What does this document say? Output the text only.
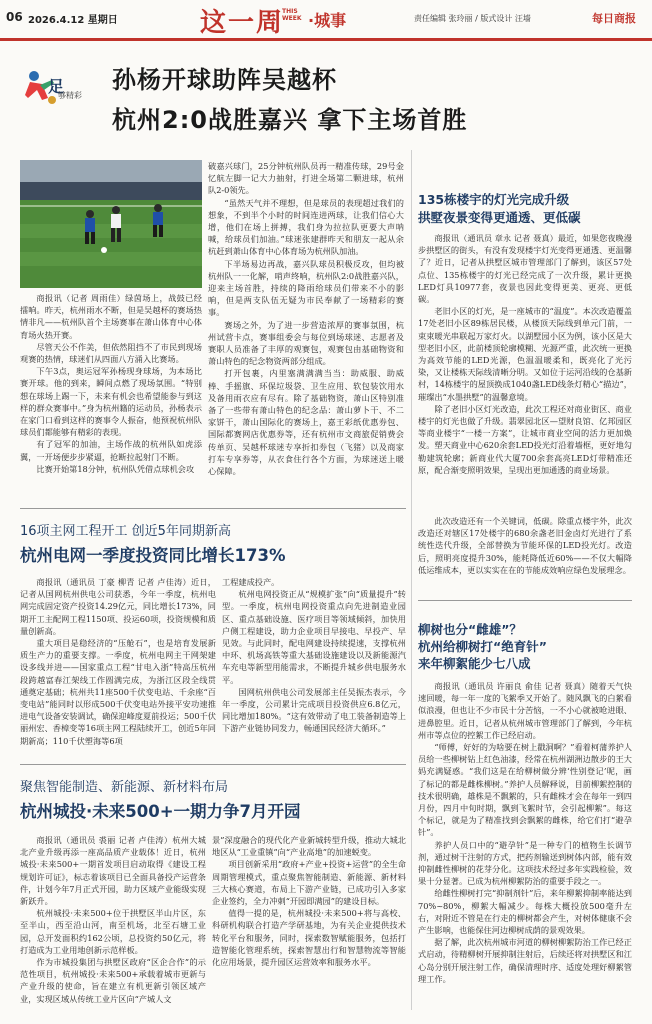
06 2026.4.12 星期日	这一周
THIS WEEK ·城事	责任编辑 张玲丽 / 版式设计 汪墙	每日商报
足
够精彩
孙杨开球助阵吴越杯
杭州2:0战胜嘉兴 拿下主场首胜

商报讯（记者 周雨佳）绿茵场上，战鼓已经擂响。昨天，杭州雨水不断，但是吴越杯的赛场热情非凡——杭州队首个主场赛事在萧山体育中心体育场火热开赛。

尽管天公不作美，但依然阻挡不了市民到现场观赛的热情，球迷们从四面八方涌入比赛场。

下午3点，奥运冠军孙杨现身球场，为本场比赛开球。他的到来，瞬间点燃了现场氛围。“特别想在球场上踢一下，未来有机会也希望能参与到这样的群众赛事中。”身为杭州籍的运动员，孙杨表示在家门口看到这样的赛事令人振奋，他预祝杭州队球员们都能够有精彩的表现。

有了冠军的加油，主场作战的杭州队如虎添翼，一开场便步步紧逼，抢断拉起射门不断。

比赛开始第18分钟，杭州队凭借点球机会攻

破嘉兴球门，25分钟杭州队员再一精准传球，29号金忆航左脚一记大力抽射，打进全场第二颗进球，杭州队2-0领先。

“虽然天气并不理想，但是球员的表现超过我们的想象，不到半个小时的时间连进两球，让我们信心大增，他们在场上拼搏，我们身为拉拉队更要大声呐喊，给球员们加油。”球迷张建群昨天和朋友一起从余杭赶到萧山体育中心体育场为杭州队加油。

下半场易边再战，嘉兴队球员积极反攻，但均被杭州队一一化解，哨声终响，杭州队2:0战胜嘉兴队，迎来主场首胜，持续的降雨给球员们带来不小的影响，但是两支队伍无疑为市民奉献了一场精彩的赛事。

赛场之外，为了进一步营造浓厚的赛事氛围，杭州试营卡点，赛事组委会与每位到场球迷、志愿者及赛职人员准备了丰厚的观赛包，观赛包由基础物资和萧山特色的纪念物资两部分组成。

打开包裹，内里塞满满满当当：助威服、助威棒、手摇旗、环保垃圾袋、卫生应用、软包装饮用水及备用雨衣应有尽有。除了基础物资，萧山区特别准备了一些带有萧山特色的纪念品：萧山萝卜干、不二家饼干，萧山国际化的赛场上，嘉王彩纸优惠券包、国际都赛网店优惠券等，还有杭州市文商旅促销费会传单页、吴越杯球迷专享折扣券包（飞猪）以及商家打车专享券等，从衣食住行各个方面，为球迷送上暖心保障。

135栋楼宇的灯光完成升级
拱墅夜景变得更通透、更低碳

商报讯（通讯员 章永 记者 聂真）最近，如果您夜晚漫步拱墅区的街头，有没有发现楼宇灯光变得更通透、更温馨了？近日，记者从拱墅区城市管理部门了解到，该区57处点位、135栋楼宇的灯光已经完成了一次升级，累计更换LED灯具10977套，夜景也因此变得更美、更亮、更低碳。

老旧小区的灯光，是一座城市的“温度”。本次改造覆盖17处老旧小区89栋居民楼，从楼顶天际线到单元门前，一束束暖光串联起万家灯火。以湖墅园小区为例，该小区是大型老旧小区，此前楼顶轮廓模糊、光源严重，此次统一更换为高效节能的LED光源，色温温暖柔和，既亮化了光污染，又让楼栋天际线清晰分明。又如位于运河沿线的仓基新村，14栋楼宇的屋顶换成1040盏LED线条灯精心“描边”，璀璨出“水墨拱墅”的温馨意境。

除了老旧小区灯光改造，此次工程还对商业街区、商业楼宇的灯光也做了升级。翡翠园北区—望财良馆、亿邦园区等商业楼宇“一楼一方案”，让城市商业空间的活力更加焕发。塑天商业中心620余套LED投光灯沿着墙框，更好地勾勒建筑轮廓；新商业代大厦700余套高亮LED灯带精准还原，配合渐变照明效果，呈现出更加通透的商业场景。

此次改造还有一个关键词，低碳。除重点楼宇外，此次改造还对辖区17处楼宇的680余盏老旧金卤灯光进行了系统性迭代升级，全部替换为节能环保的LED投光灯。改造后，照明亮度提升30%，能耗降低近60%——不仅大幅降低运维成本，更以实实在在的节能成效响应绿色发展理念。

16项主网工程开工 创近5年同期新高
杭州电网一季度投资同比增长173%

商报讯（通讯员 丁豪 柳青 记者 卢佳涛）近日，记者从国网杭州供电公司获悉，今年一季度，杭州电网完成固定资产投资14.29亿元，同比增长173%，同期开工主配网工程1150项、投运60项，投资规模和质量创新高。

重大项目是稳经济的“压舱石”，也是培育发展新质生产力的重要支撑。一季度，杭州电网主干网架建设多线并进——国家重点工程“甘电入浙”特高压杭州段跨越富春江架线工作圆满完成，为浙江区段全线贯通奠定基础；杭州共11座500千伏变电站、千余座“百变电站”能同时以形成500千伏变电站外接平安功速推进电气设备安装调试，确保迎峰度夏前投运；500千伏丽州宏、香樟变等16项主网工程陆续开工，创近5年同期新高；110千伏塑海等6项

工程建成投产。

杭州电网投资正从“规模扩张”向“质量提升”转型。一季度，杭州电网投资重点向先进制造业园区、重点基础设施、医疗项目等领域倾斜，加快用户侧工程建设，助力企业项目早接电、早投产、早见效。与此同时，配电网建设持续提速，支撑杭州中环、机场高铁等重大基础设施建设以及新能源汽车充电等新型用能需求，不断提升城乡供电服务水平。

国网杭州供电公司发展部主任吴振杰表示，今年一季度，公司累计完成项目投资供应6.8亿元，同比增加180%。“这有效带动了电工装备制造等上下游产业链协同发力，畅通国民经济大循环。”

聚焦智能制造、新能源、新材料布局
杭州城投·未来500+一期力争7月开园

商报讯（通讯员 裘丽 记者 卢佳涛）杭州大城北产业升级再添一座高品质产业载体！近日，杭州城投·未来500+一期首发项目启动取得《建设工程规划许可证》，标志着该项目已全面具备投产运营条件，计划今年7月正式开园，助力区域产业能级实现新跃升。

杭州城投·未来500+位于拱墅区半山片区，东至半山，西至沿山河，南至机场，北至石塘工业园，总开发面积约162公顷，总投资约50亿元，将打造成为工业用地创新示范样板。

作为市城投集团与拱墅区政府“区企合作”的示范性项目，杭州城投·未来500+承载着城市更新与产业升级的使命，旨在建立有机更新引领区域产业，实现区域从传统工业片区向“产城人文

景”深度融合的现代化产业新城转型升级，推动大城北地区从“工业重镇”向“产业高地”的加速蜕变。

项目创新采用“政府+产业+投资+运营”的全生命周期管理模式，重点聚焦智能制造、新能源、新材料三大核心赛道，布局上下游产业链，已成功引入多家企业签约，全力冲刺“开园即满园”的建设目标。

值得一提的是，杭州城投·未来500+将与高校、科研机构联合打造产学研基地，为有关企业提供技术转化平台和服务，同时，探索数智赋能服务，包括打造智能化管理系统，探索智慧出行和智慧物流等智能化应用场景，提升园区运营效率和服务水平。

柳树也分“雌雄”？
杭州给柳树打“绝育针”
来年柳絮能少七八成

商报讯（通讯员 许丽良 俞佳 记者 聂真）随着天气快速回暖，每一年一度的飞絮季又开始了。随风飘飞的白絮看似浪漫，但也让不少市民十分苦恼，一不小心就被呛进眼、进鼻腔里。近日，记者从杭州城市管理部门了解到，今年杭州市等点位的控絮工作已经启动。

“师傅，好好的为啥要在树上戳洞啊？”看着柯蒲养护人员给一些柳树钻上红色油漆，经常在杭州湖洲边散步的王大妈充满疑惑。“我们这是在给柳树做分辨‘性别登记’呢，画了标记的都是雌株柳树。”养护人员解释说，目前柳絮控制的技术很明确，雄株是不飘絮的，只有雌株才会在每年一到四月份，四月中旬时期，飘到飞絮时节，会引起柳絮”。每这个标记，就是为了精准找到会飘絮的雌株，给它们打“避孕针”。

养护人员口中的“避孕针”是一种专门的植物生长调节剂，通过树干注射的方式，把药剂输送到树体内部，能有效抑制雌性柳树的花芽分化。这项技术经过多年实践检验，效果十分显著。已成为杭州柳絮防治的重要手段之一。

给雌性柳树打完“抑制剂针”后，来年柳絮抑制率能达到70%~80%，柳絮大幅减少。每株大概投放500毫升左右，对附近不管是在行走的柳树都会产生，对树体健康不会产生影响，也能保住河边柳树成荫的景观效果。

据了解，此次杭州城市河道的柳树柳絮防治工作已经正式启动，待精柳树开展抑制注射后，后续还将对拱墅区和江心岛分别开展注射工作，确保清理时序、适度处理好柳絮管理工作。
